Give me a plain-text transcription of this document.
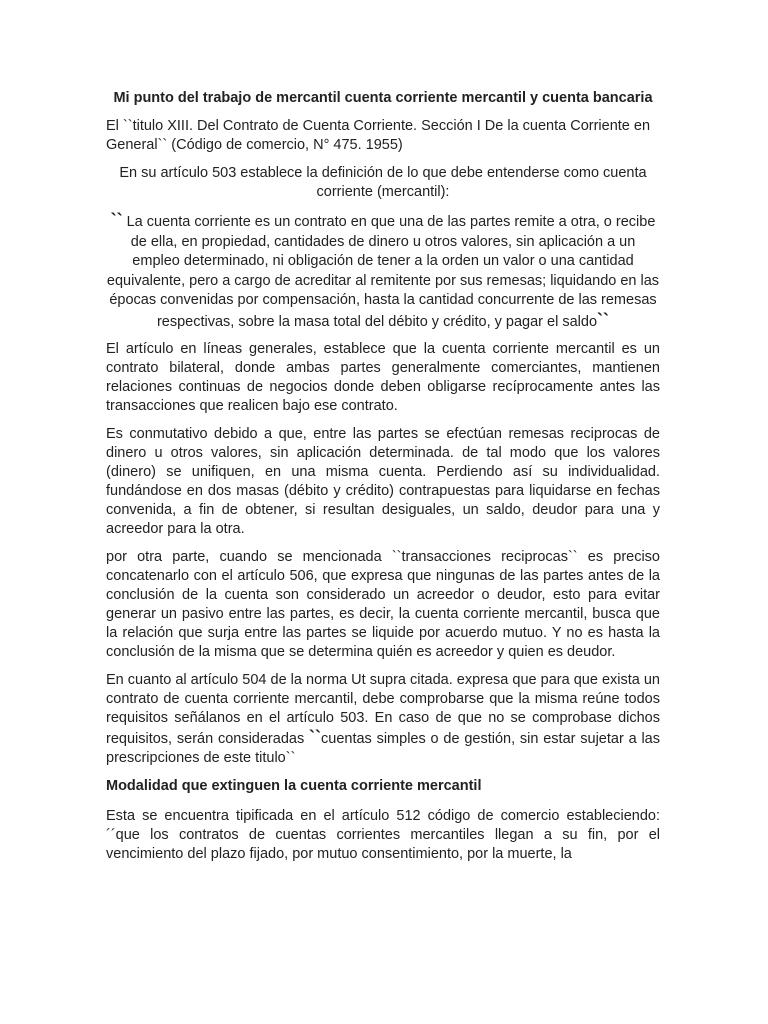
Mi punto del trabajo de mercantil cuenta corriente mercantil y cuenta bancaria
El ``titulo XIII. Del Contrato de Cuenta Corriente. Sección I De la cuenta Corriente en General`` (Código de comercio, N° 475. 1955)
En su artículo 503 establece la definición de lo que debe entenderse como cuenta corriente (mercantil):
`` La cuenta corriente es un contrato en que una de las partes remite a otra, o recibe de ella, en propiedad, cantidades de dinero u otros valores, sin aplicación a un empleo determinado, ni obligación de tener a la orden un valor o una cantidad equivalente, pero a cargo de acreditar al remitente por sus remesas; liquidando en las épocas convenidas por compensación, hasta la cantidad concurrente de las remesas respectivas, sobre la masa total del débito y crédito, y pagar el saldo``
El artículo en líneas generales, establece que la cuenta corriente mercantil es un contrato bilateral, donde ambas partes generalmente comerciantes, mantienen relaciones continuas de negocios donde deben obligarse recíprocamente antes las transacciones que realicen bajo ese contrato.
Es conmutativo debido a que, entre las partes se efectúan remesas reciprocas de dinero u otros valores, sin aplicación determinada. de tal modo que los valores (dinero) se unifiquen, en una misma cuenta. Perdiendo así su individualidad. fundándose en dos masas (débito y crédito) contrapuestas para liquidarse en fechas convenida, a fin de obtener, si resultan desiguales, un saldo, deudor para una y acreedor para la otra.
por otra parte, cuando se mencionada ``transacciones reciprocas`` es preciso concatenarlo con el artículo 506, que expresa que ningunas de las partes antes de la conclusión de la cuenta son considerado un acreedor o deudor, esto para evitar generar un pasivo entre las partes, es decir, la cuenta corriente mercantil, busca que la relación que surja entre las partes se liquide por acuerdo mutuo. Y no es hasta la conclusión de la misma que se determina quién es acreedor y quien es deudor.
En cuanto al artículo 504 de la norma Ut supra citada. expresa que para que exista un contrato de cuenta corriente mercantil, debe comprobarse que la misma reúne todos requisitos señálanos en el artículo 503. En caso de que no se comprobase dichos requisitos, serán consideradas ``cuentas simples o de gestión, sin estar sujetar a las prescripciones de este titulo``
Modalidad que extinguen la cuenta corriente mercantil
Esta se encuentra tipificada en el artículo 512 código de comercio estableciendo: ´´que los contratos de cuentas corrientes mercantiles llegan a su fin, por el vencimiento del plazo fijado, por mutuo consentimiento, por la muerte, la
